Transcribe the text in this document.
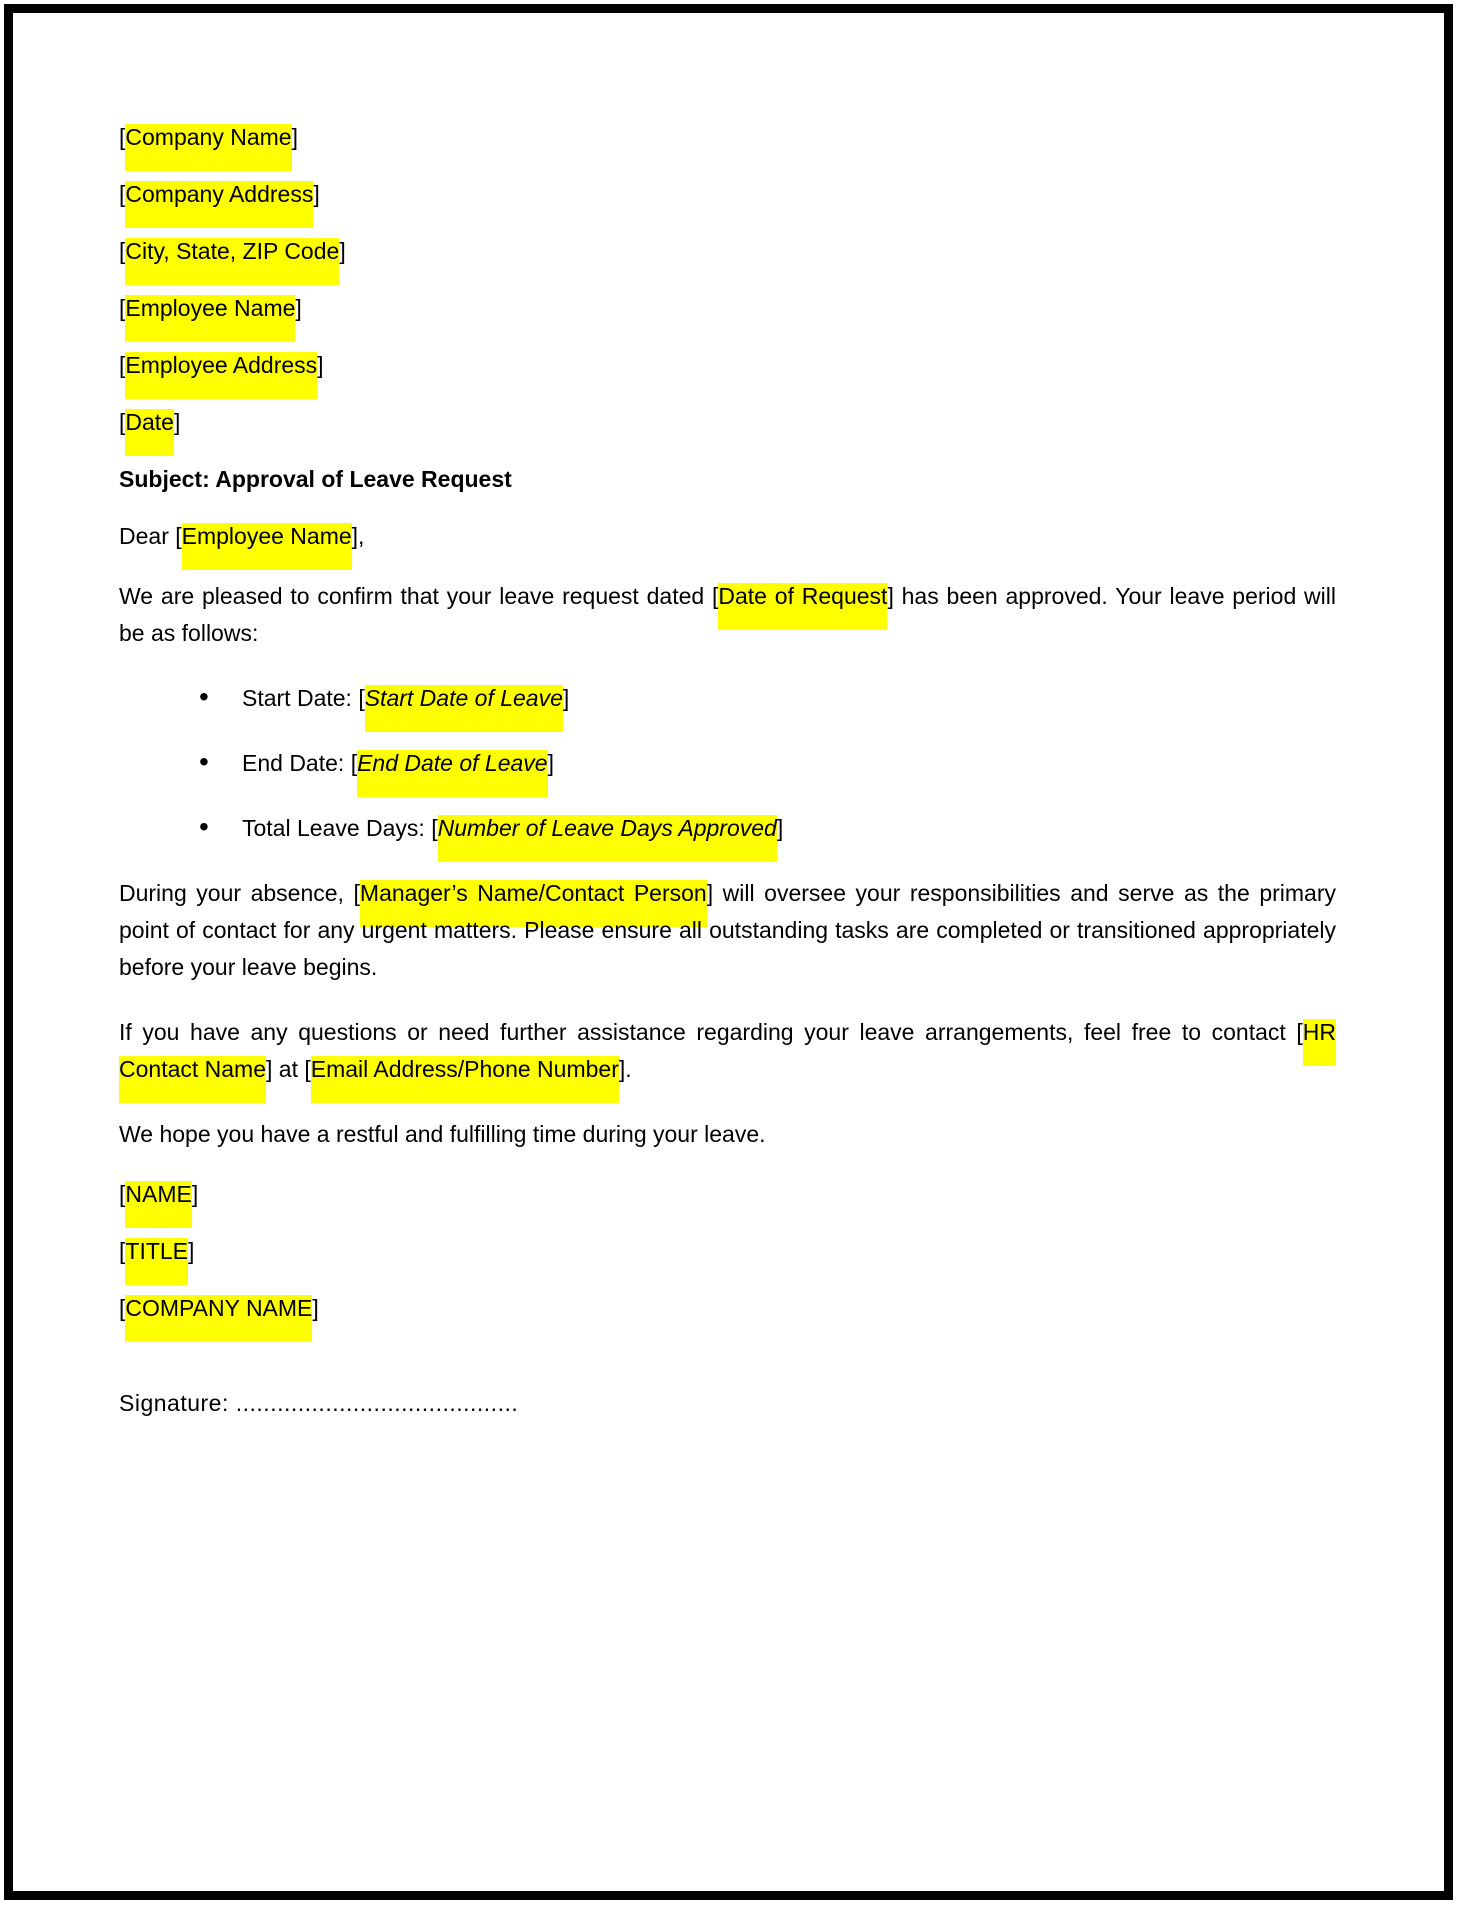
[Company Name]

[Company Address]

[City, State, ZIP Code]

[Employee Name]

[Employee Address]

[Date]

Subject: Approval of Leave Request

Dear [Employee Name],

We are pleased to confirm that your leave request dated [Date of Request] has been approved. Your leave period will be as follows:

• Start Date: [Start Date of Leave]
• End Date: [End Date of Leave]
• Total Leave Days: [Number of Leave Days Approved]

During your absence, [Manager’s Name/Contact Person] will oversee your responsibilities and serve as the primary point of contact for any urgent matters. Please ensure all outstanding tasks are completed or transitioned appropriately before your leave begins.

If you have any questions or need further assistance regarding your leave arrangements, feel free to contact [HR Contact Name] at [Email Address/Phone Number].

We hope you have a restful and fulfilling time during your leave.

[NAME]

[TITLE]

[COMPANY NAME]

Signature: .........................................
